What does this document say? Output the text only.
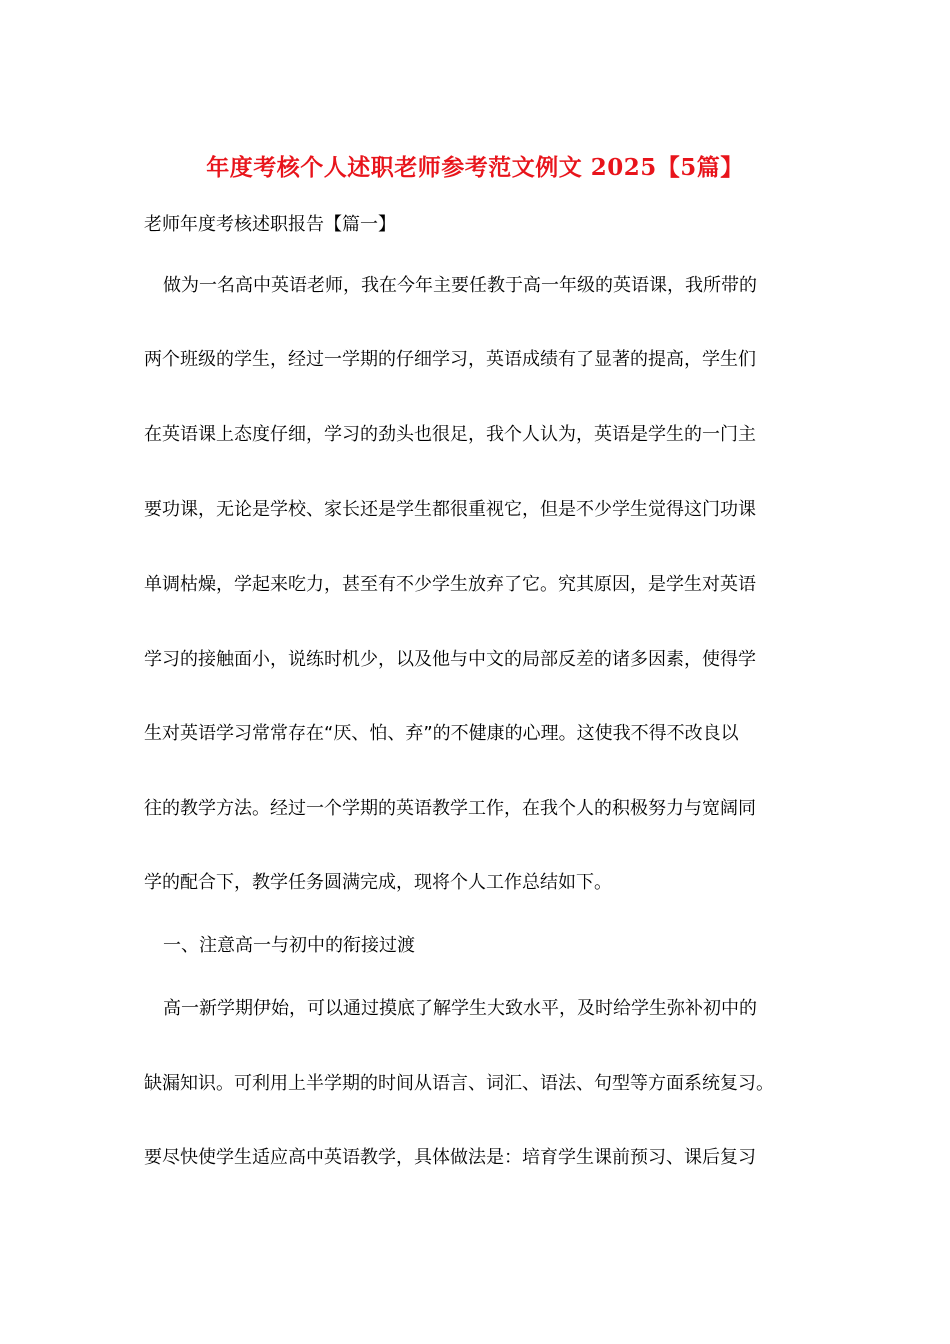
年度考核个人述职老师参考范文例文 2025【5篇】
老师年度考核述职报告【篇一】
做为一名高中英语老师，我在今年主要任教于高一年级的英语课，我所带的
两个班级的学生，经过一学期的仔细学习，英语成绩有了显著的提高，学生们
在英语课上态度仔细，学习的劲头也很足，我个人认为，英语是学生的一门主
要功课，无论是学校、家长还是学生都很重视它，但是不少学生觉得这门功课
单调枯燥，学起来吃力，甚至有不少学生放弃了它。究其原因，是学生对英语
学习的接触面小，说练时机少，以及他与中文的局部反差的诸多因素，使得学
生对英语学习常常存在“厌、怕、弃”的不健康的心理。这使我不得不改良以
往的教学方法。经过一个学期的英语教学工作，在我个人的积极努力与宽阔同
学的配合下，教学任务圆满完成，现将个人工作总结如下。
一、注意高一与初中的衔接过渡
高一新学期伊始，可以通过摸底了解学生大致水平，及时给学生弥补初中的
缺漏知识。可利用上半学期的时间从语言、词汇、语法、句型等方面系统复习。
要尽快使学生适应高中英语教学，具体做法是：培育学生课前预习、课后复习
